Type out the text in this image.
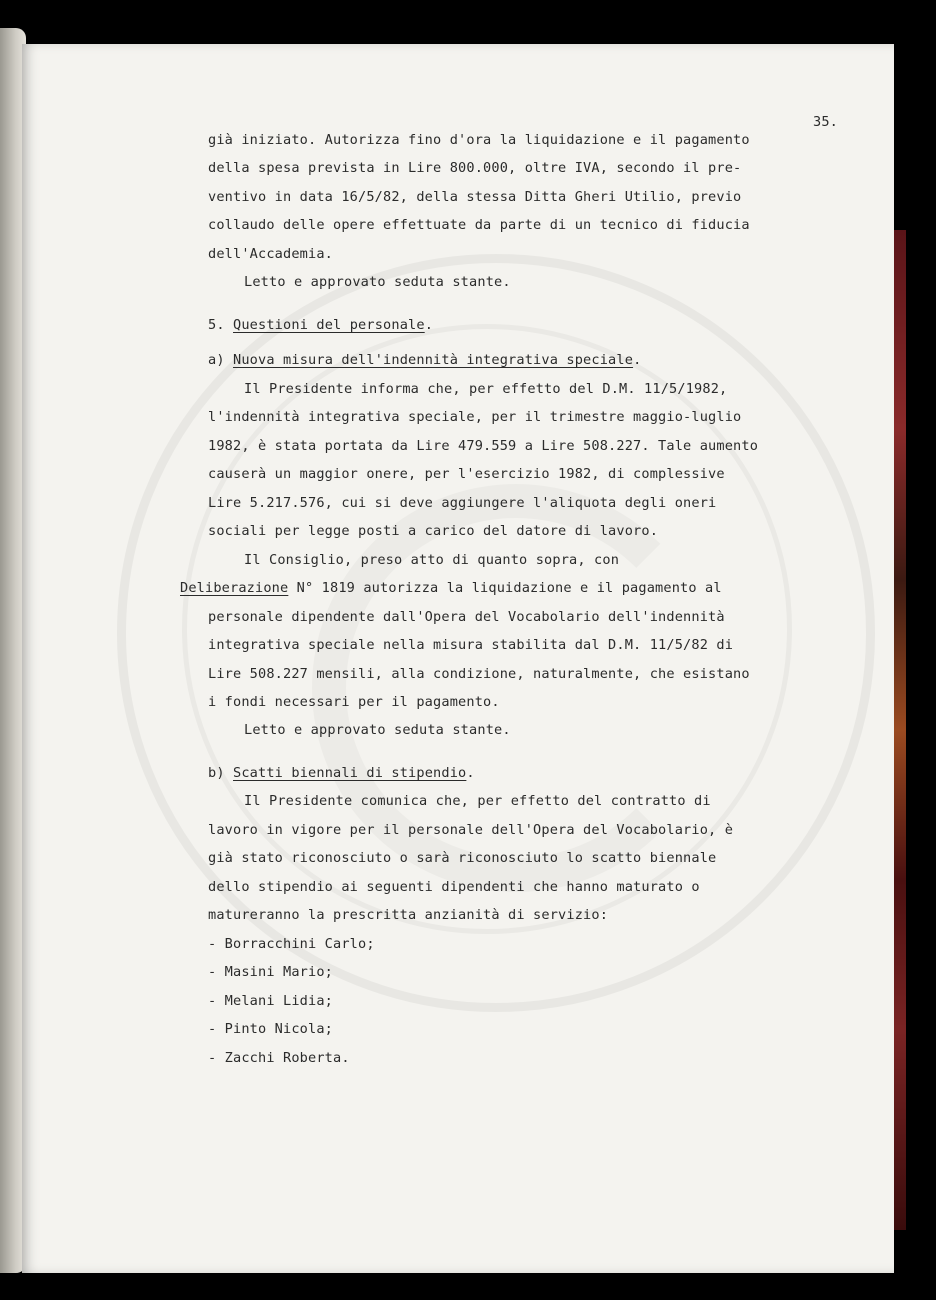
35.
già iniziato. Autorizza fino d'ora la liquidazione e il pagamento
della spesa prevista in Lire 800.000, oltre IVA, secondo il pre-
ventivo in data 16/5/82, della stessa Ditta Gheri Utilio, previo
collaudo delle opere effettuate da parte di un tecnico di fiducia
dell'Accademia.
Letto e approvato seduta stante.
5. Questioni del personale.
a) Nuova misura dell'indennità integrativa speciale.
Il Presidente informa che, per effetto del D.M. 11/5/1982,
l'indennità integrativa speciale, per il trimestre maggio-luglio
1982, è stata portata da Lire 479.559 a Lire 508.227. Tale aumento
causerà un maggior onere, per l'esercizio 1982, di complessive
Lire 5.217.576, cui si deve aggiungere l'aliquota degli oneri
sociali per legge posti a carico del datore di lavoro.
Il Consiglio, preso atto di quanto sopra, con
Deliberazione N° 1819 autorizza la liquidazione e il pagamento al
personale dipendente dall'Opera del Vocabolario dell'indennità
integrativa speciale nella misura stabilita dal D.M. 11/5/82 di
Lire 508.227 mensili, alla condizione, naturalmente, che esistano
i fondi necessari per il pagamento.
Letto e approvato seduta stante.
b) Scatti biennali di stipendio.
Il Presidente comunica che, per effetto del contratto di
lavoro in vigore per il personale dell'Opera del Vocabolario, è
già stato riconosciuto o sarà riconosciuto lo scatto biennale
dello stipendio ai seguenti dipendenti che hanno maturato o
matureranno la prescritta anzianità di servizio:
- Borracchini Carlo;
- Masini Mario;
- Melani Lidia;
- Pinto Nicola;
- Zacchi Roberta.
